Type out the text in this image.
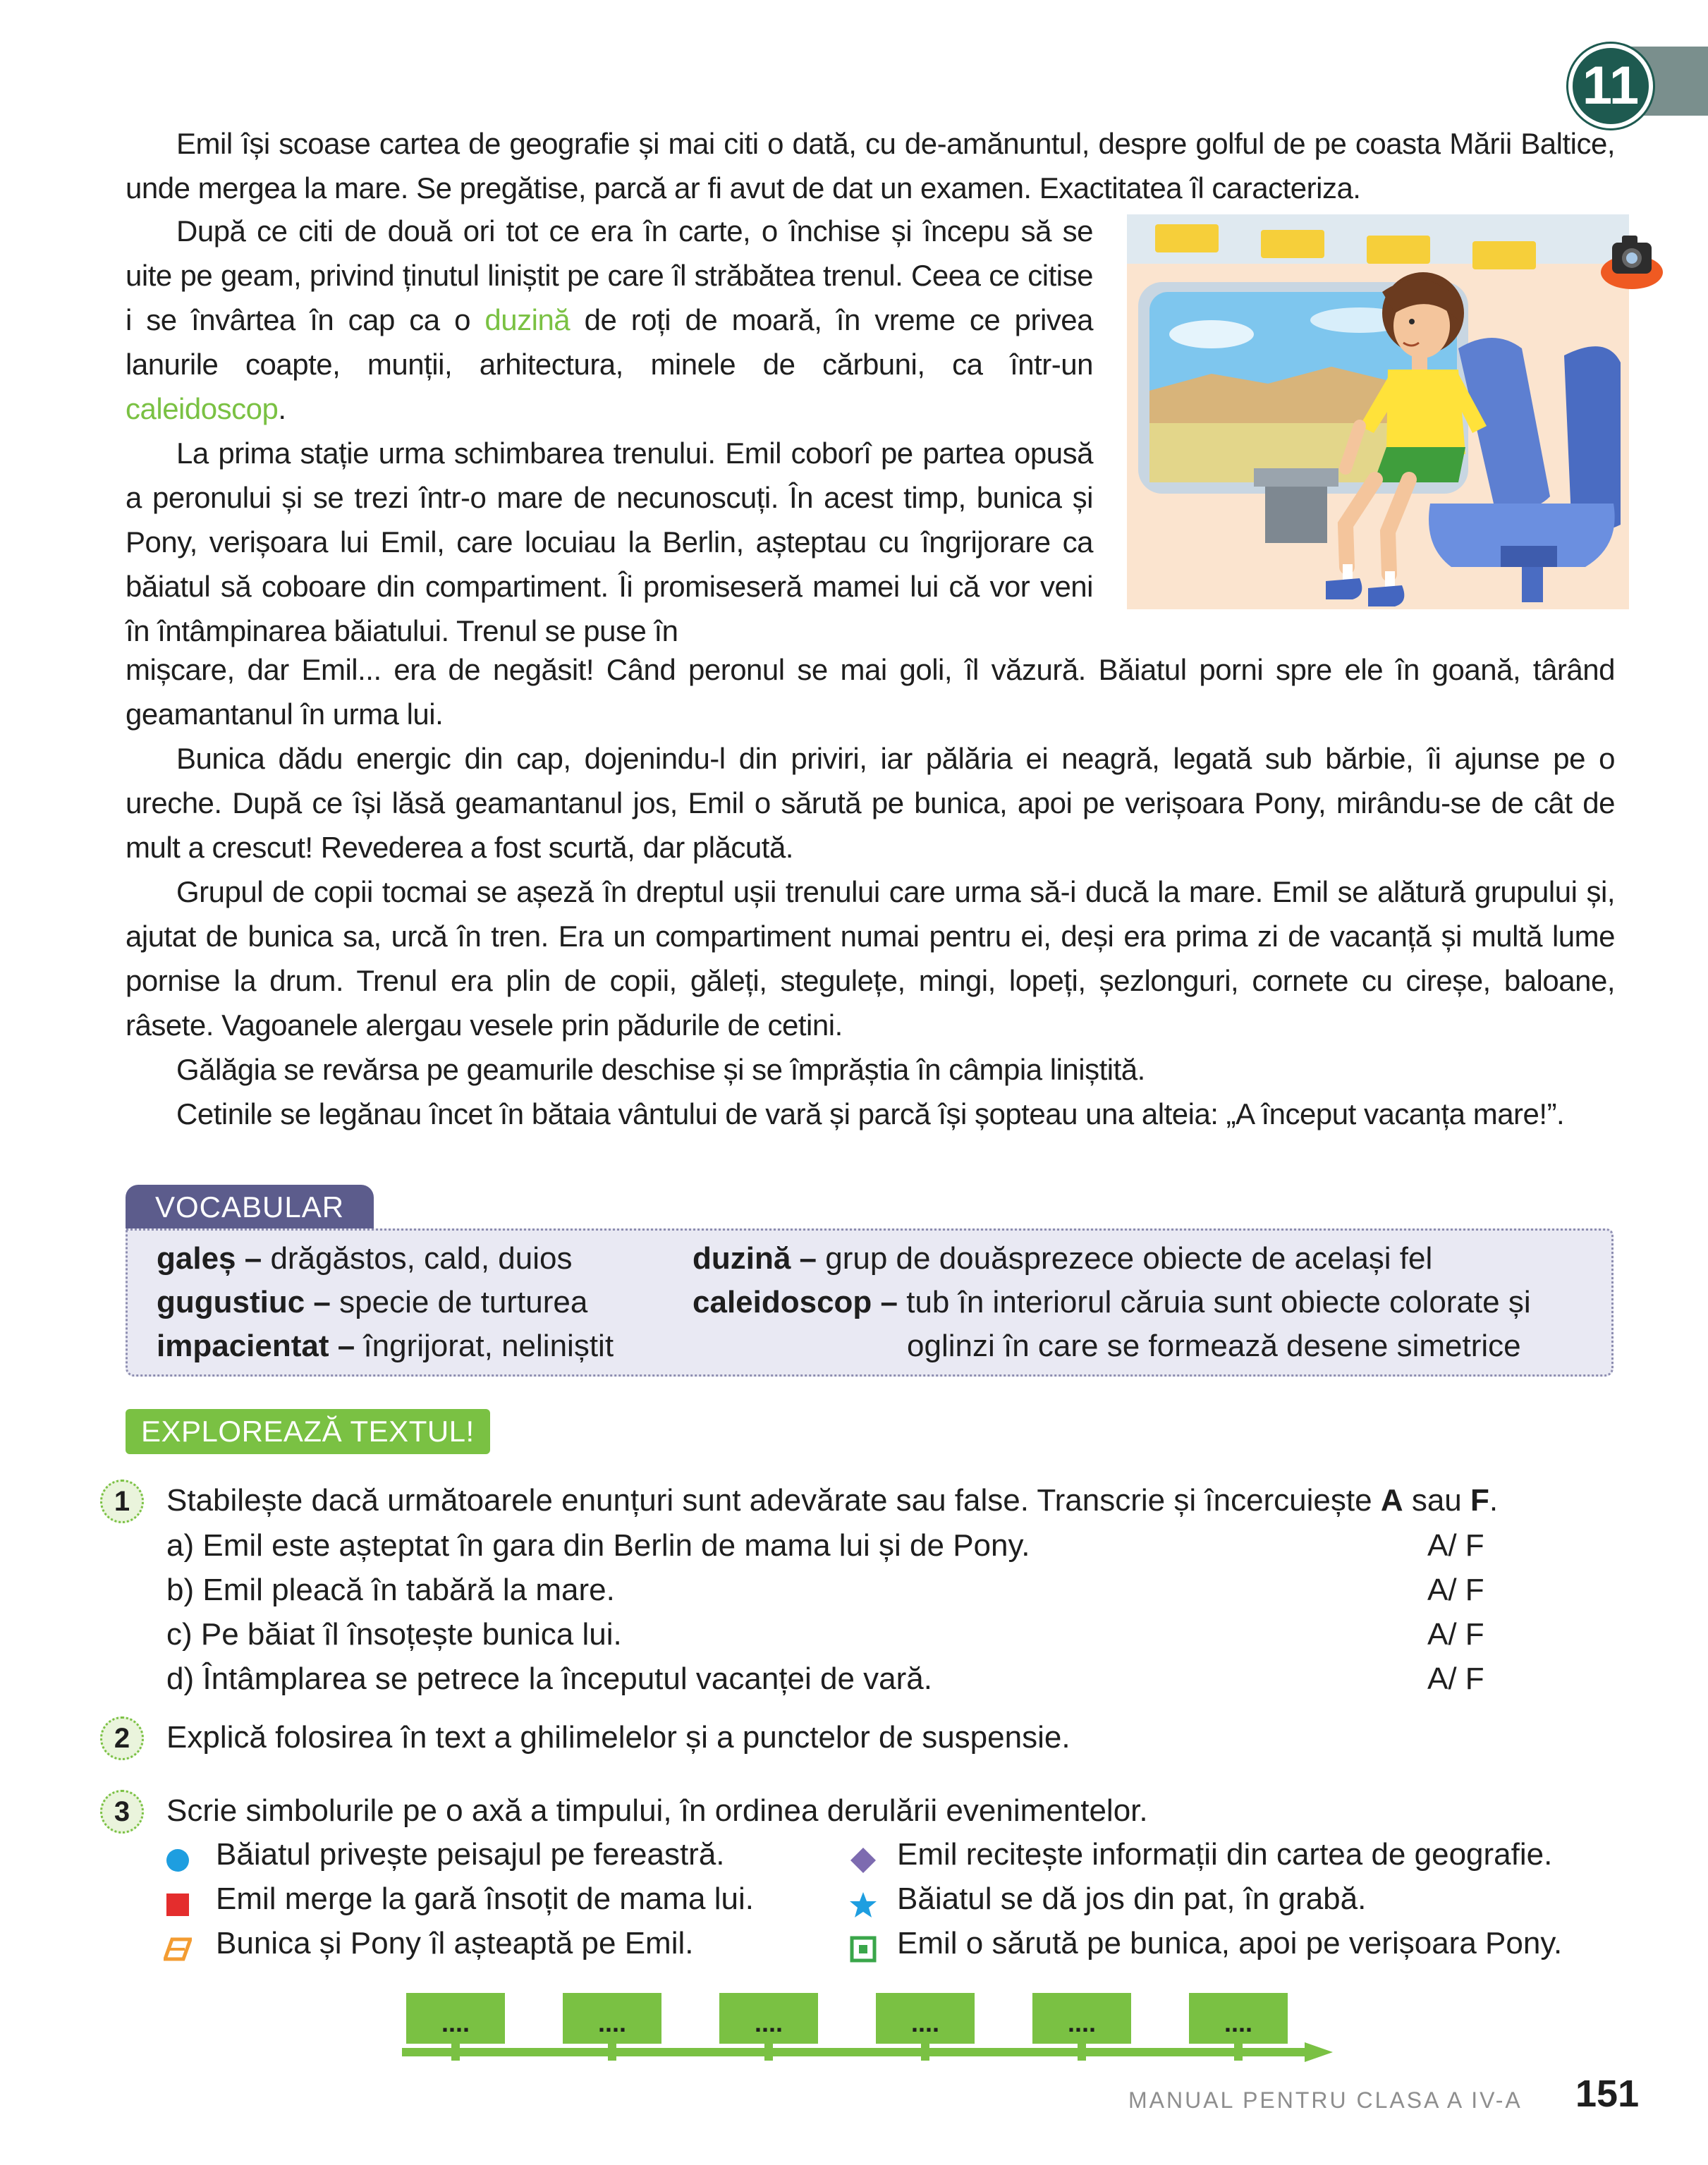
11

Emil își scoase cartea de geografie și mai citi o dată, cu de-amănuntul, despre golful de pe coasta Mării Baltice, unde mergea la mare. Se pregătise, parcă ar fi avut de dat un examen. Exactitatea îl caracteriza.

După ce citi de două ori tot ce era în carte, o închise și începu să se uite pe geam, privind ținutul liniștit pe care îl străbătea trenul. Ceea ce citise i se învârtea în cap ca o duzină de roți de moară, în vreme ce privea lanurile coapte, munții, arhitectura, minele de cărbuni, ca într-un caleidoscop.

La prima stație urma schimbarea trenului. Emil coborî pe partea opusă a peronului și se trezi într-o mare de necunoscuți. În acest timp, bunica și Pony, verișoara lui Emil, care locuiau la Berlin, așteptau cu îngrijorare ca băiatul să coboare din compartiment. Îi promiseseră mamei lui că vor veni în întâmpinarea băiatului. Trenul se puse în

mișcare, dar Emil... era de negăsit! Când peronul se mai goli, îl văzură. Băiatul porni spre ele în goană, târând geamantanul în urma lui.

Bunica dădu energic din cap, dojenindu-l din priviri, iar pălăria ei neagră, legată sub bărbie, îi ajunse pe o ureche. După ce își lăsă geamantanul jos, Emil o sărută pe bunica, apoi pe verișoara Pony, mirându-se de cât de mult a crescut! Revederea a fost scurtă, dar plăcută.

Grupul de copii tocmai se așeză în dreptul ușii trenului care urma să-i ducă la mare. Emil se alătură grupului și, ajutat de bunica sa, urcă în tren. Era un compartiment numai pentru ei, deși era prima zi de vacanță și multă lume pornise la drum. Trenul era plin de copii, găleți, stegulețe, mingi, lopeți, șezlonguri, cornete cu cireșe, baloane, râsete. Vagoanele alergau vesele prin pădurile de cetini.

Gălăgia se revărsa pe geamurile deschise și se împrăștia în câmpia liniștită.

Cetinile se legănau încet în bătaia vântului de vară și parcă își șopteau una alteia: „A început vacanța mare!”.

VOCABULAR
galeș – drăgăstos, cald, duios
gugustiuc – specie de turturea
impacientat – îngrijorat, neliniștit
duzină – grup de douăsprezece obiecte de același fel
caleidoscop – tub în interiorul căruia sunt obiecte colorate și
oglinzi în care se formează desene simetrice
EXPLOREAZĂ TEXTUL!
1	Stabilește dacă următoarele enunțuri sunt adevărate sau false. Transcrie și încercuiește A sau F.
a) Emil este așteptat în gara din Berlin de mama lui și de Pony.	A/ F
b) Emil pleacă în tabără la mare.	A/ F
c) Pe băiat îl însoțește bunica lui.	A/ F
d) Întâmplarea se petrece la începutul vacanței de vară.	A/ F
2	Explică folosirea în text a ghilimelelor și a punctelor de suspensie.
3	Scrie simbolurile pe o axă a timpului, în ordinea derulării evenimentelor.
Băiatul privește peisajul pe fereastră.	Emil recitește informații din cartea de geografie.
Emil merge la gară însoțit de mama lui.	Băiatul se dă jos din pat, în grabă.
Bunica și Pony îl așteaptă pe Emil.	Emil o sărută pe bunica, apoi pe verișoara Pony.
....	....	....	....	....	....
MANUAL PENTRU CLASA A IV-A 151
